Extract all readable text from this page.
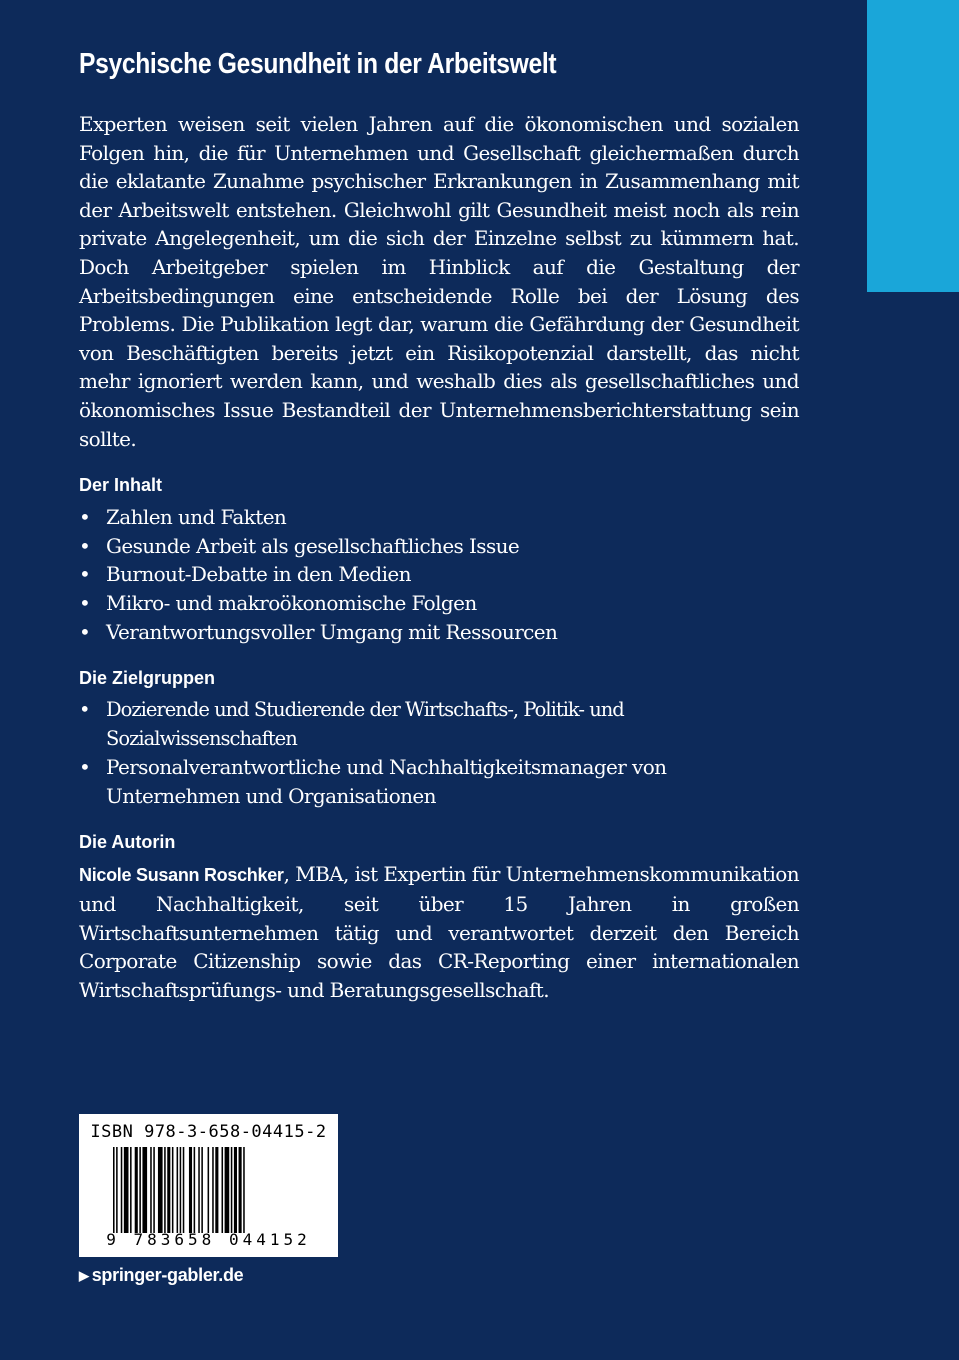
Psychische Gesundheit in der Arbeitswelt

Experten weisen seit vielen Jahren auf die ökonomischen und sozialen Folgen hin, die für Unternehmen und Gesellschaft gleichermaßen durch die eklatante Zunahme psychischer Erkrankungen in Zusammenhang mit der Arbeitswelt entstehen. Gleichwohl gilt Gesundheit meist noch als rein private Angelegenheit, um die sich der Einzelne selbst zu kümmern hat. Doch Arbeitgeber spielen im Hinblick auf die Gestaltung der Arbeitsbedingungen eine entscheidende Rolle bei der Lösung des Problems. Die Publikation legt dar, warum die Gefährdung der Gesundheit von Beschäftigten bereits jetzt ein Risikopotenzial darstellt, das nicht mehr ignoriert werden kann, und weshalb dies als gesellschaftliches und ökonomisches Issue Bestandteil der Unternehmensberichterstattung sein sollte.

Der Inhalt
• Zahlen und Fakten
• Gesunde Arbeit als gesellschaftliches Issue
• Burnout-Debatte in den Medien
• Mikro- und makroökonomische Folgen
• Verantwortungsvoller Umgang mit Ressourcen
Die Zielgruppen
• Dozierende und Studierende der Wirtschafts-, Politik- und Sozialwissenschaften
• Personalverantwortliche und Nachhaltigkeitsmanager von Unternehmen und Organisationen
Die Autorin

Nicole Susann Roschker, MBA, ist Expertin für Unternehmenskommunikation und Nachhaltigkeit, seit über 15 Jahren in großen Wirtschaftsunternehmen tätig und verantwortet derzeit den Bereich Corporate Citizenship sowie das CR-Reporting einer internationalen Wirtschaftsprüfungs- und Beratungsgesellschaft.

ISBN 978-3-658-04415-2
9 783658 044152
▶ springer-gabler.de
